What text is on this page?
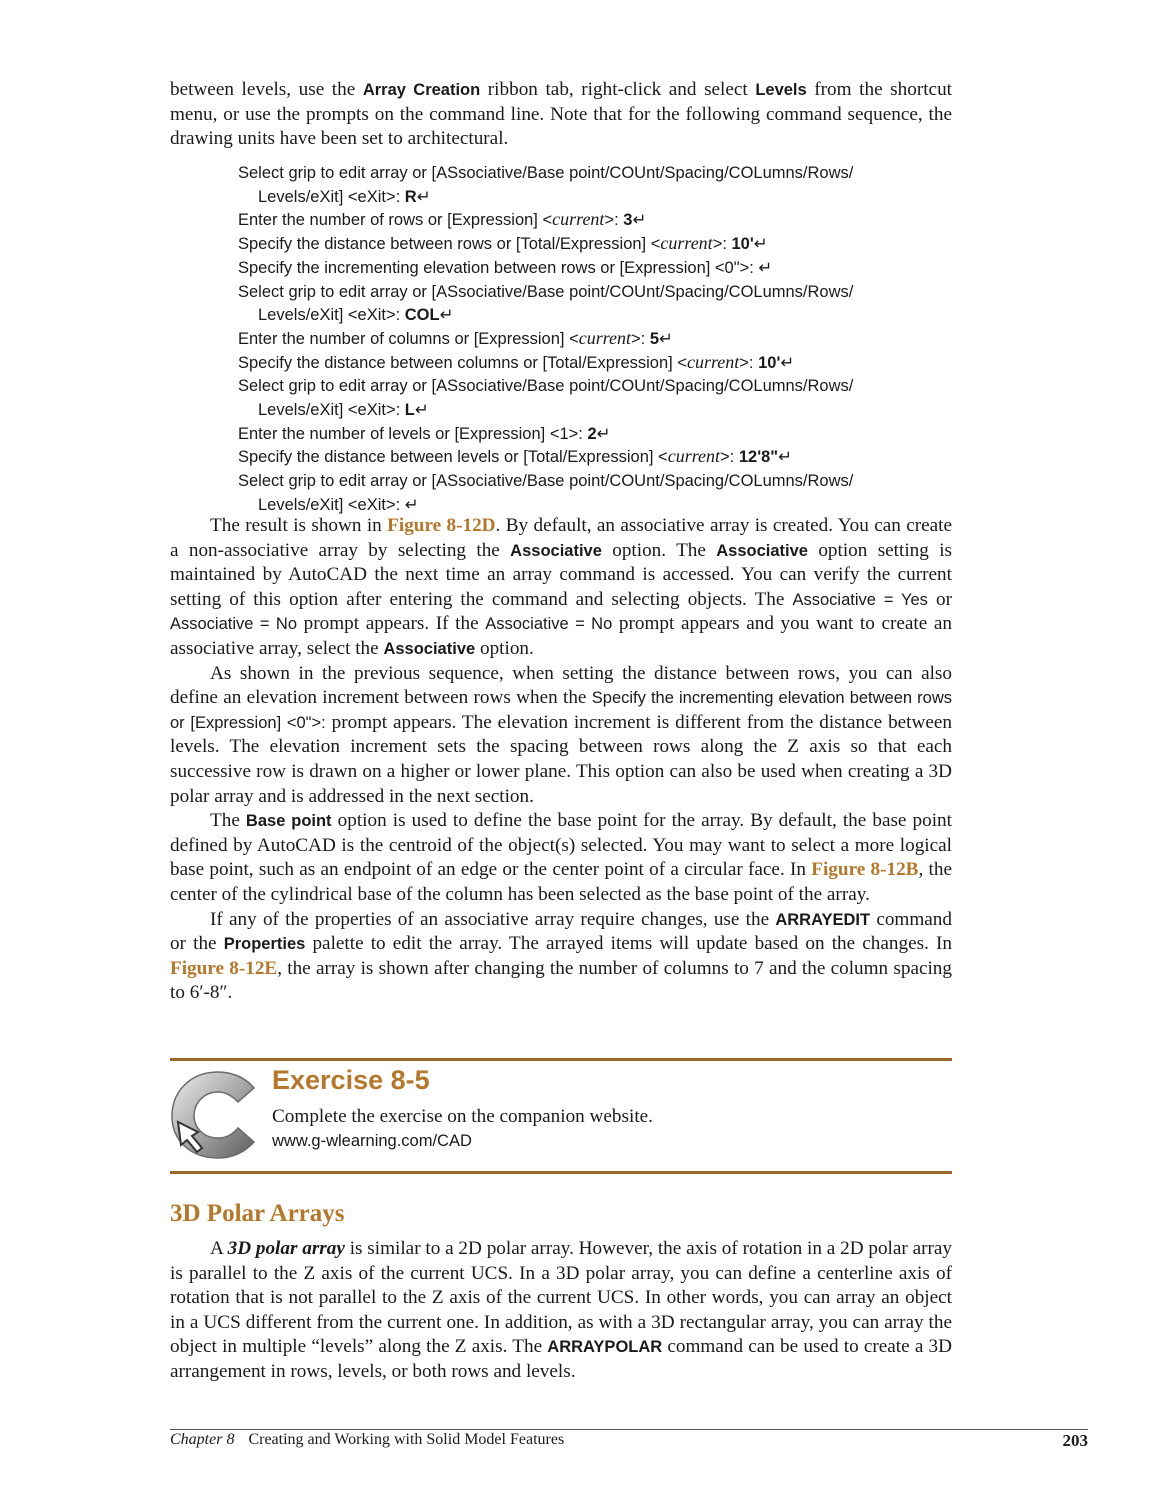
between levels, use the Array Creation ribbon tab, right-click and select Levels from the shortcut menu, or use the prompts on the command line. Note that for the following command sequence, the drawing units have been set to architectural.

Select grip to edit array or [ASsociative/Base point/COUnt/Spacing/COLumns/Rows/
Levels/eXit] <eXit>: R↵
Enter the number of rows or [Expression] <current>: 3↵
Specify the distance between rows or [Total/Expression] <current>: 10'↵
Specify the incrementing elevation between rows or [Expression] <0">: ↵
Select grip to edit array or [ASsociative/Base point/COUnt/Spacing/COLumns/Rows/
Levels/eXit] <eXit>: COL↵
Enter the number of columns or [Expression] <current>: 5↵
Specify the distance between columns or [Total/Expression] <current>: 10'↵
Select grip to edit array or [ASsociative/Base point/COUnt/Spacing/COLumns/Rows/
Levels/eXit] <eXit>: L↵
Enter the number of levels or [Expression] <1>: 2↵
Specify the distance between levels or [Total/Expression] <current>: 12'8"↵
Select grip to edit array or [ASsociative/Base point/COUnt/Spacing/COLumns/Rows/
Levels/eXit] <eXit>: ↵

The result is shown in Figure 8-12D. By default, an associative array is created. You can create a non-associative array by selecting the Associative option. The Associative option setting is maintained by AutoCAD the next time an array command is accessed. You can verify the current setting of this option after entering the command and selecting objects. The Associative = Yes or Associative = No prompt appears. If the Associative = No prompt appears and you want to create an associative array, select the Associative option.

As shown in the previous sequence, when setting the distance between rows, you can also define an elevation increment between rows when the Specify the incrementing elevation between rows or [Expression] <0">: prompt appears. The elevation increment is different from the distance between levels. The elevation increment sets the spacing between rows along the Z axis so that each successive row is drawn on a higher or lower plane. This option can also be used when creating a 3D polar array and is addressed in the next section.

The Base point option is used to define the base point for the array. By default, the base point defined by AutoCAD is the centroid of the object(s) selected. You may want to select a more logical base point, such as an endpoint of an edge or the center point of a circular face. In Figure 8-12B, the center of the cylindrical base of the column has been selected as the base point of the array.

If any of the properties of an associative array require changes, use the ARRAYEDIT command or the Properties palette to edit the array. The arrayed items will update based on the changes. In Figure 8-12E, the array is shown after changing the number of columns to 7 and the column spacing to 6′-8″.

Exercise 8-5
Complete the exercise on the companion website.
www.g-wlearning.com/CAD
3D Polar Arrays

A 3D polar array is similar to a 2D polar array. However, the axis of rotation in a 2D polar array is parallel to the Z axis of the current UCS. In a 3D polar array, you can define a centerline axis of rotation that is not parallel to the Z axis of the current UCS. In other words, you can array an object in a UCS different from the current one. In addition, as with a 3D rectangular array, you can array the object in multiple “levels” along the Z axis. The ARRAYPOLAR command can be used to create a 3D arrangement in rows, levels, or both rows and levels.

Chapter 8 Creating and Working with Solid Model Features	203
